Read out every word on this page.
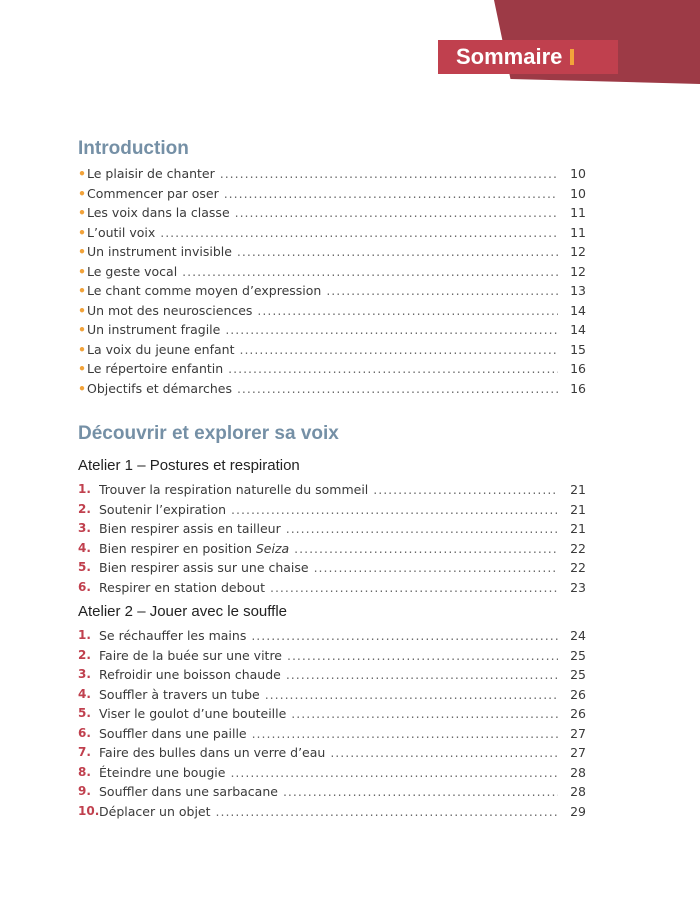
Sommaire
Introduction
• Le plaisir de chanter .....	10
• Commencer par oser .....	10
• Les voix dans la classe .....	11
• L’outil voix .....	11
• Un instrument invisible .....	12
• Le geste vocal .....	12
• Le chant comme moyen d’expression .....	13
• Un mot des neurosciences .....	14
• Un instrument fragile .....	14
• La voix du jeune enfant .....	15
• Le répertoire enfantin .....	16
• Objectifs et démarches .....	16
Découvrir et explorer sa voix
Atelier 1 – Postures et respiration
1. Trouver la respiration naturelle du sommeil .....	21
2. Soutenir l’expiration .....	21
3. Bien respirer assis en tailleur .....	21
4. Bien respirer en position Seiza .....	22
5. Bien respirer assis sur une chaise .....	22
6. Respirer en station debout .....	23
Atelier 2 – Jouer avec le souffle
1. Se réchauffer les mains .....	24
2. Faire de la buée sur une vitre .....	25
3. Refroidir une boisson chaude .....	25
4. Souffler à travers un tube .....	26
5. Viser le goulot d’une bouteille .....	26
6. Souffler dans une paille .....	27
7. Faire des bulles dans un verre d’eau .....	27
8. Éteindre une bougie .....	28
9. Souffler dans une sarbacane .....	28
10. Déplacer un objet .....	29
